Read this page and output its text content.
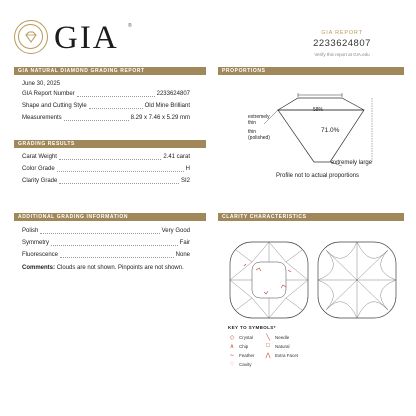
GIA ®
GIA REPORT
2233624807
Verify this report at GIA.edu
GIA NATURAL DIAMOND GRADING REPORT
June 30, 2025
GIA Report Number	2233624807
Shape and Cutting Style	Old Mine Brilliant
Measurements	8.29 x 7.46 x 5.29 mm
GRADING RESULTS
Carat Weight	2.41 carat
Color Grade	H
Clarity Grade	SI2
ADDITIONAL GRADING INFORMATION
Polish	Very Good
Symmetry	Fair
Fluorescence	None
Comments: Clouds are not shown. Pinpoints are not shown.
PROPORTIONS
58%
71.0%
extremely
thin
thin
(polished)
extremely large
Profile not to actual proportions
CLARITY CHARACTERISTICS
KEY TO SYMBOLS*
◇	Crystal
∧	Chip
∼ Feather
◌	Cavity
╲	Needle
□	Natural
⋀	Extra Facet
